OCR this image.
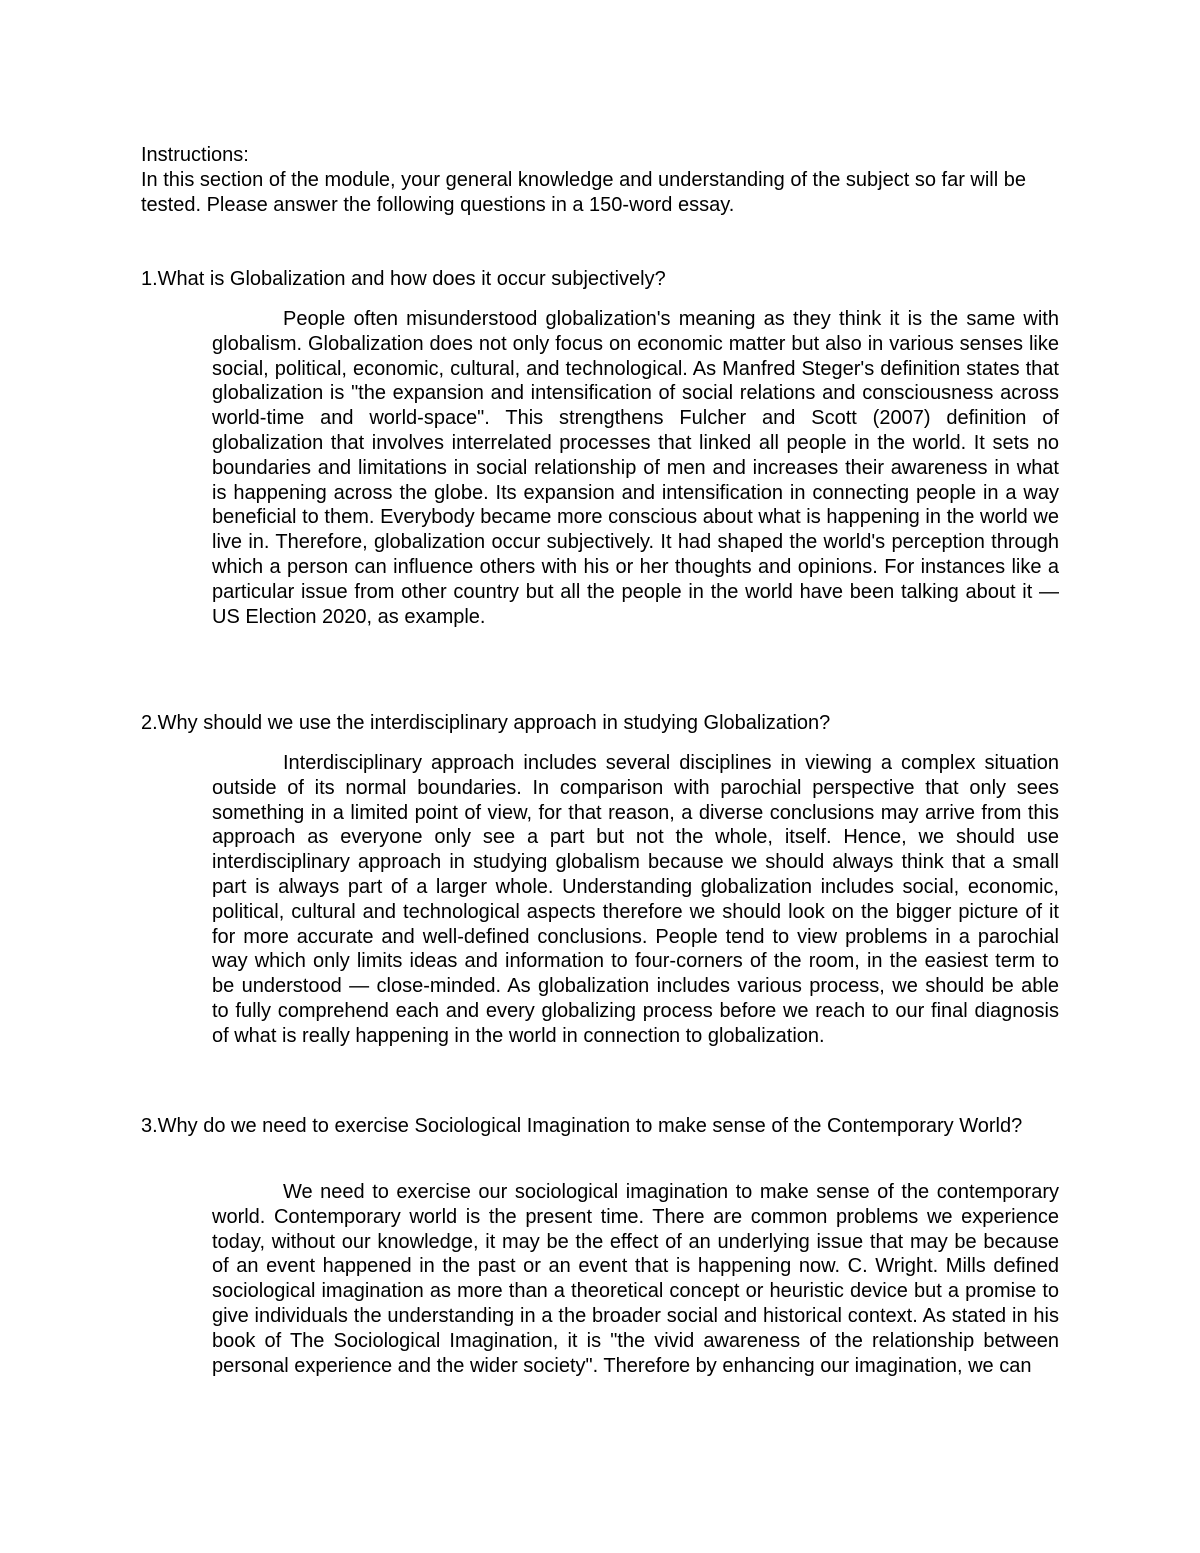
Instructions:

In this section of the module, your general knowledge and understanding of the subject so far will be tested. Please answer the following questions in a 150-word essay.

1.What is Globalization and how does it occur subjectively?

People often misunderstood globalization's meaning as they think it is the same with globalism. Globalization does not only focus on economic matter but also in various senses like social, political, economic, cultural, and technological. As Manfred Steger's definition states that globalization is "the expansion and intensification of social relations and consciousness across world-time and world-space". This strengthens Fulcher and Scott (2007) definition of globalization that involves interrelated processes that linked all people in the world. It sets no boundaries and limitations in social relationship of men and increases their awareness in what is happening across the globe. Its expansion and intensification in connecting people in a way beneficial to them. Everybody became more conscious about what is happening in the world we live in. Therefore, globalization occur subjectively. It had shaped the world's perception through which a person can influence others with his or her thoughts and opinions. For instances like a particular issue from other country but all the people in the world have been talking about it — US Election 2020, as example.

2.Why should we use the interdisciplinary approach in studying Globalization?

Interdisciplinary approach includes several disciplines in viewing a complex situation outside of its normal boundaries. In comparison with parochial perspective that only sees something in a limited point of view, for that reason, a diverse conclusions may arrive from this approach as everyone only see a part but not the whole, itself. Hence, we should use interdisciplinary approach in studying globalism because we should always think that a small part is always part of a larger whole. Understanding globalization includes social, economic, political, cultural and technological aspects therefore we should look on the bigger picture of it for more accurate and well-defined conclusions. People tend to view problems in a parochial way which only limits ideas and information to four-corners of the room, in the easiest term to be understood — close-minded. As globalization includes various process, we should be able to fully comprehend each and every globalizing process before we reach to our final diagnosis of what is really happening in the world in connection to globalization.

3.Why do we need to exercise Sociological Imagination to make sense of the Contemporary World?

We need to exercise our sociological imagination to make sense of the contemporary world. Contemporary world is the present time. There are common problems we experience today, without our knowledge, it may be the effect of an underlying issue that may be because of an event happened in the past or an event that is happening now. C. Wright. Mills defined sociological imagination as more than a theoretical concept or heuristic device but a promise to give individuals the understanding in a the broader social and historical context. As stated in his book of The Sociological Imagination, it is "the vivid awareness of the relationship between personal experience and the wider society". Therefore by enhancing our imagination, we can
